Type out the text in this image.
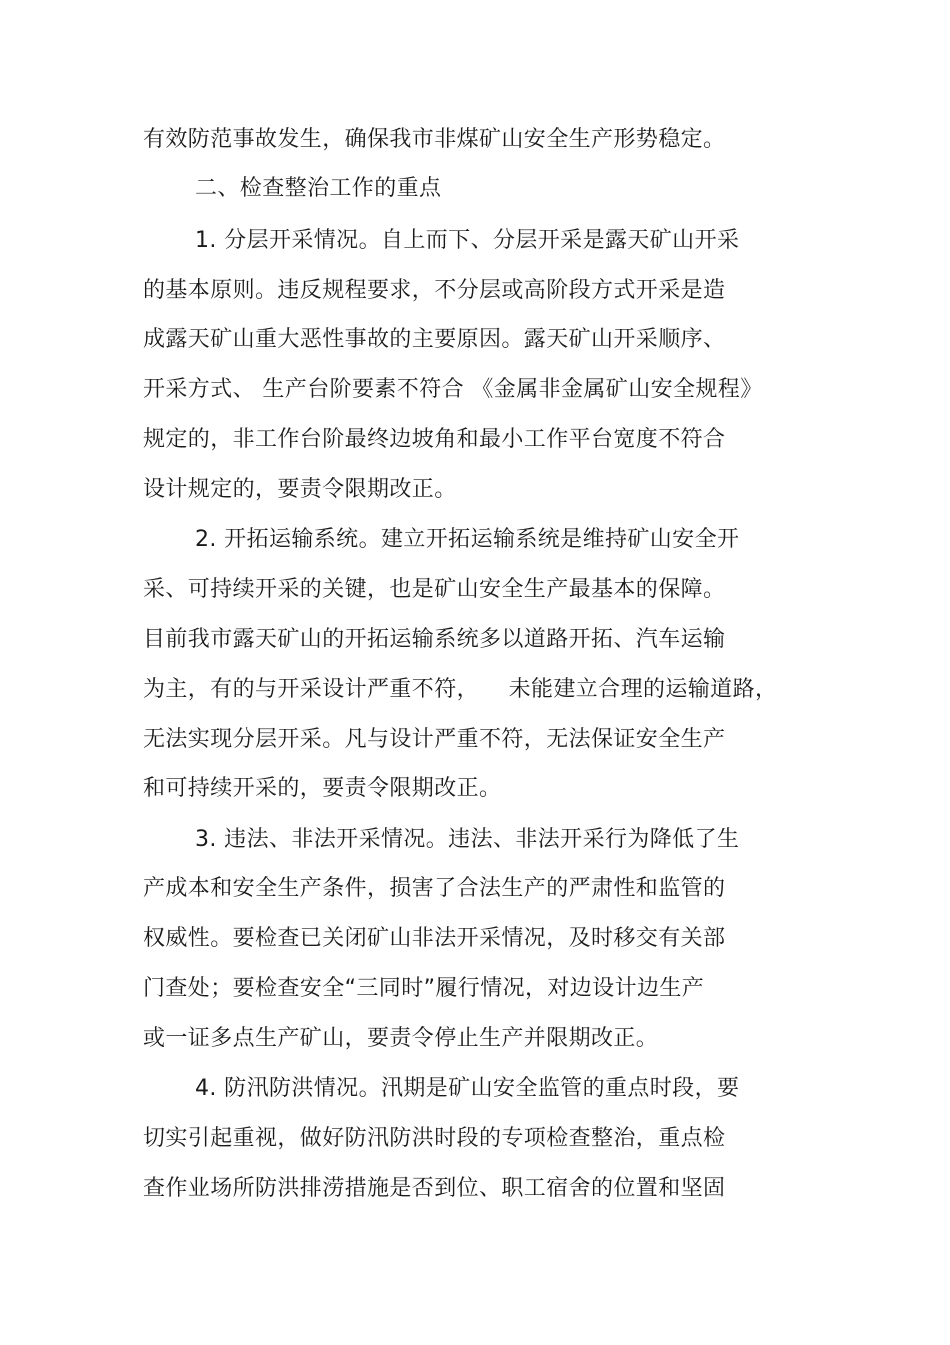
有效防范事故发生，确保我市非煤矿山安全生产形势稳定。
二、检查整治工作的重点
1. 分层开采情况。自上而下、分层开采是露天矿山开采
的基本原则。违反规程要求，不分层或高阶段方式开采是造
成露天矿山重大恶性事故的主要原因。露天矿山开采顺序、
开采方式、 生产台阶要素不符合 《金属非金属矿山安全规程》
规定的，非工作台阶最终边坡角和最小工作平台宽度不符合
设计规定的，要责令限期改正。
2. 开拓运输系统。建立开拓运输系统是维持矿山安全开
采、可持续开采的关键，也是矿山安全生产最基本的保障。
目前我市露天矿山的开拓运输系统多以道路开拓、汽车运输
为主，有的与开采设计严重不符，    未能建立合理的运输道路，
无法实现分层开采。凡与设计严重不符，无法保证安全生产
和可持续开采的，要责令限期改正。
3. 违法、非法开采情况。违法、非法开采行为降低了生
产成本和安全生产条件，损害了合法生产的严肃性和监管的
权威性。要检查已关闭矿山非法开采情况，及时移交有关部
门查处；要检查安全“三同时”履行情况，对边设计边生产
或一证多点生产矿山，要责令停止生产并限期改正。
4. 防汛防洪情况。汛期是矿山安全监管的重点时段，要
切实引起重视，做好防汛防洪时段的专项检查整治，重点检
查作业场所防洪排涝措施是否到位、职工宿舍的位置和坚固
